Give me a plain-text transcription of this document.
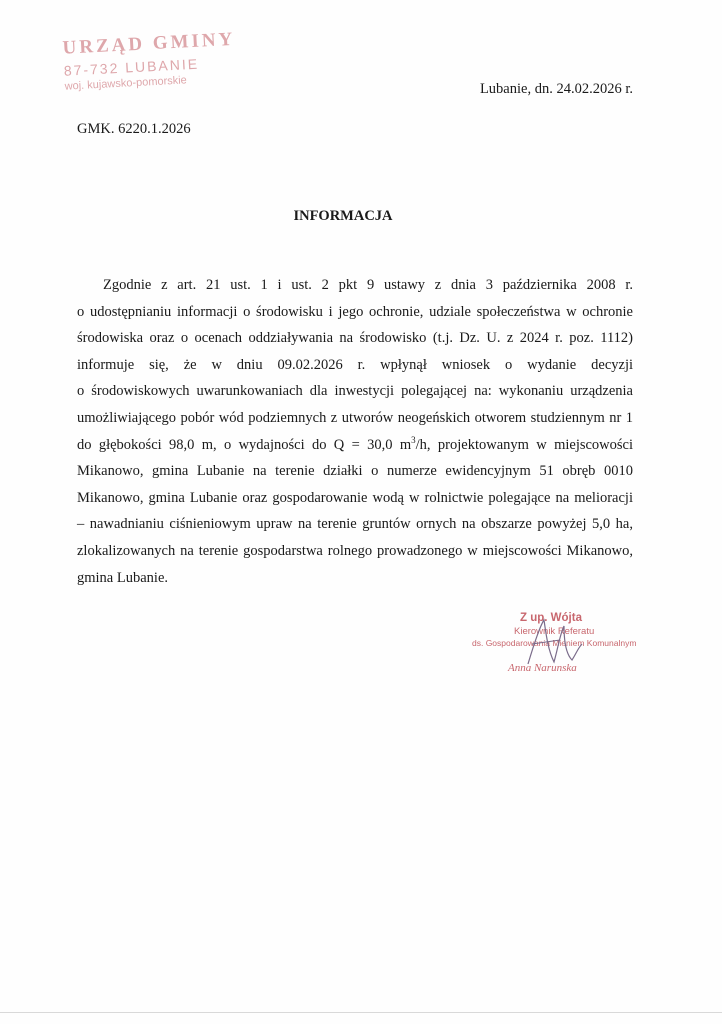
URZĄD GMINY
87-732 LUBANIE
woj. kujawsko-pomorskie	Lubanie, dn. 24.02.2026 r.
GMK. 6220.1.2026
INFORMACJA
Zgodnie z art. 21 ust. 1 i ust. 2 pkt 9 ustawy z dnia 3 października 2008 r.
o udostępnianiu informacji o środowisku i jego ochronie, udziale społeczeństwa w ochronie
środowiska oraz o ocenach oddziaływania na środowisko (t.j. Dz. U. z 2024 r. poz. 1112)
informuje się, że w dniu 09.02.2026 r. wpłynął wniosek o wydanie decyzji
o środowiskowych uwarunkowaniach dla inwestycji polegającej na: wykonaniu urządzenia
umożliwiającego pobór wód podziemnych z utworów neogeńskich otworem studziennym nr 1
do głębokości 98,0 m, o wydajności do Q = 30,0 $m^3/h$, projektowanym w miejscowości
Mikanowo, gmina Lubanie na terenie działki o numerze ewidencyjnym 51 obręb 0010
Mikanowo, gmina Lubanie oraz gospodarowanie wodą w rolnictwie polegające na melioracji
– nawadnianiu ciśnieniowym upraw na terenie gruntów ornych na obszarze powyżej 5,0 ha,
zlokalizowanych na terenie gospodarstwa rolnego prowadzonego w miejscowości Mikanowo,
gmina Lubanie.
Z up. Wójta
Kierownik Referatu
ds. Gospodarowania Mieniem Komunalnym
Anna Narunska
